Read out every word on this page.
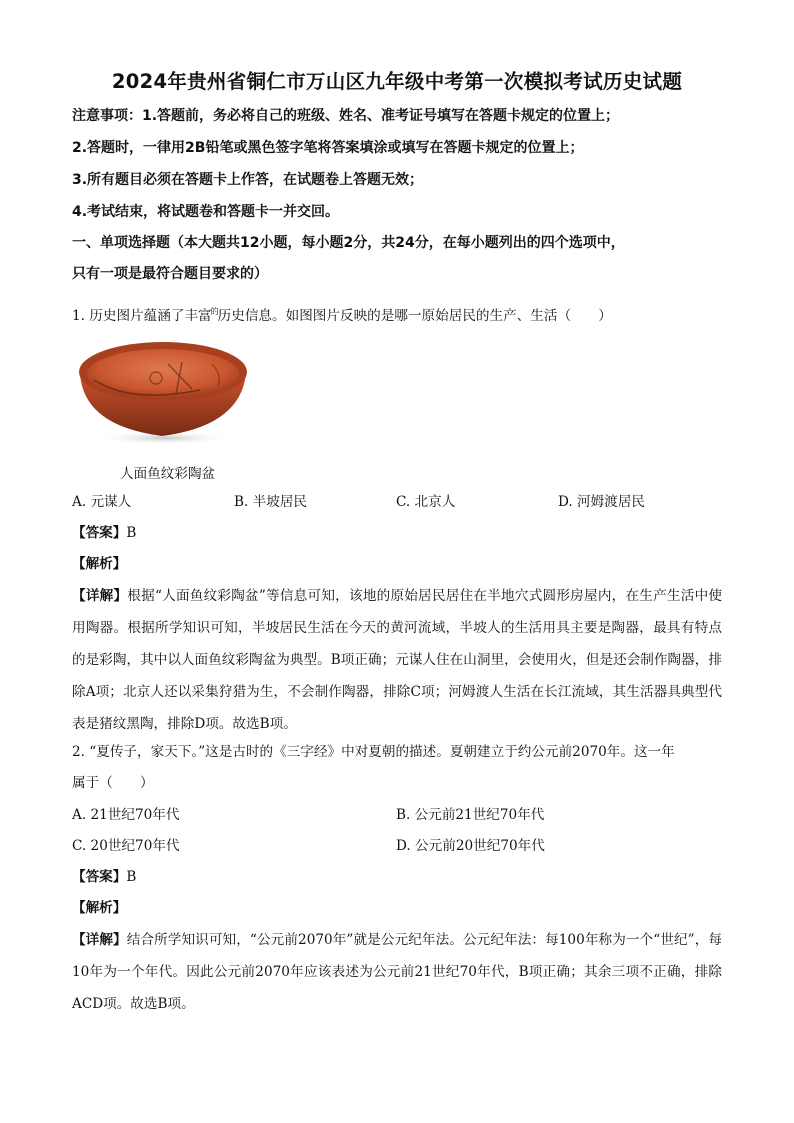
2024年贵州省铜仁市万山区九年级中考第一次模拟考试历史试题
注意事项：1.答题前，务必将自己的班级、姓名、准考证号填写在答题卡规定的位置上；
2.答题时，一律用2B铅笔或黑色签字笔将答案填涂或填写在答题卡规定的位置上；
3.所有题目必须在答题卡上作答，在试题卷上答题无效；
4.考试结束，将试题卷和答题卡一并交回。
一、单项选择题（本大题共12小题，每小题2分，共24分，在每小题列出的四个选项中，
只有一项是最符合题目要求的）
1. 历史图片蕴涵了丰富$^的$历史信息。如图图片反映的是哪一原始居民的生产、生活（　　）
人面鱼纹彩陶盆
A. 元谋人	B. 半坡居民	C. 北京人	D. 河姆渡居民
【答案】B
【解析】
【详解】根据“人面鱼纹彩陶盆”等信息可知，该地的原始居民居住在半地穴式圆形房屋内，在生产生活中使用陶器。根据所学知识可知，半坡居民生活在今天的黄河流域，半坡人的生活用具主要是陶器，最具有特点的是彩陶，其中以人面鱼纹彩陶盆为典型。B项正确；元谋人住在山洞里，会使用火，但是还会制作陶器，排除A项；北京人还以采集狩猎为生，不会制作陶器，排除C项；河姆渡人生活在长江流域，其生活器具典型代表是猪纹黑陶，排除D项。故选B项。
2. “夏传子，家天下。”这是古时的《三字经》中对夏朝的描述。夏朝建立于约公元前2070年。这一年
属于（　　）
A. 21世纪70年代	B. 公元前21世纪70年代
C. 20世纪70年代	D. 公元前20世纪70年代
【答案】B
【解析】
【详解】结合所学知识可知，“公元前2070年”就是公元纪年法。公元纪年法：每100年称为一个“世纪”，每10年为一个年代。因此公元前2070年应该表述为公元前21世纪70年代，B项正确；其余三项不正确，排除ACD项。故选B项。
